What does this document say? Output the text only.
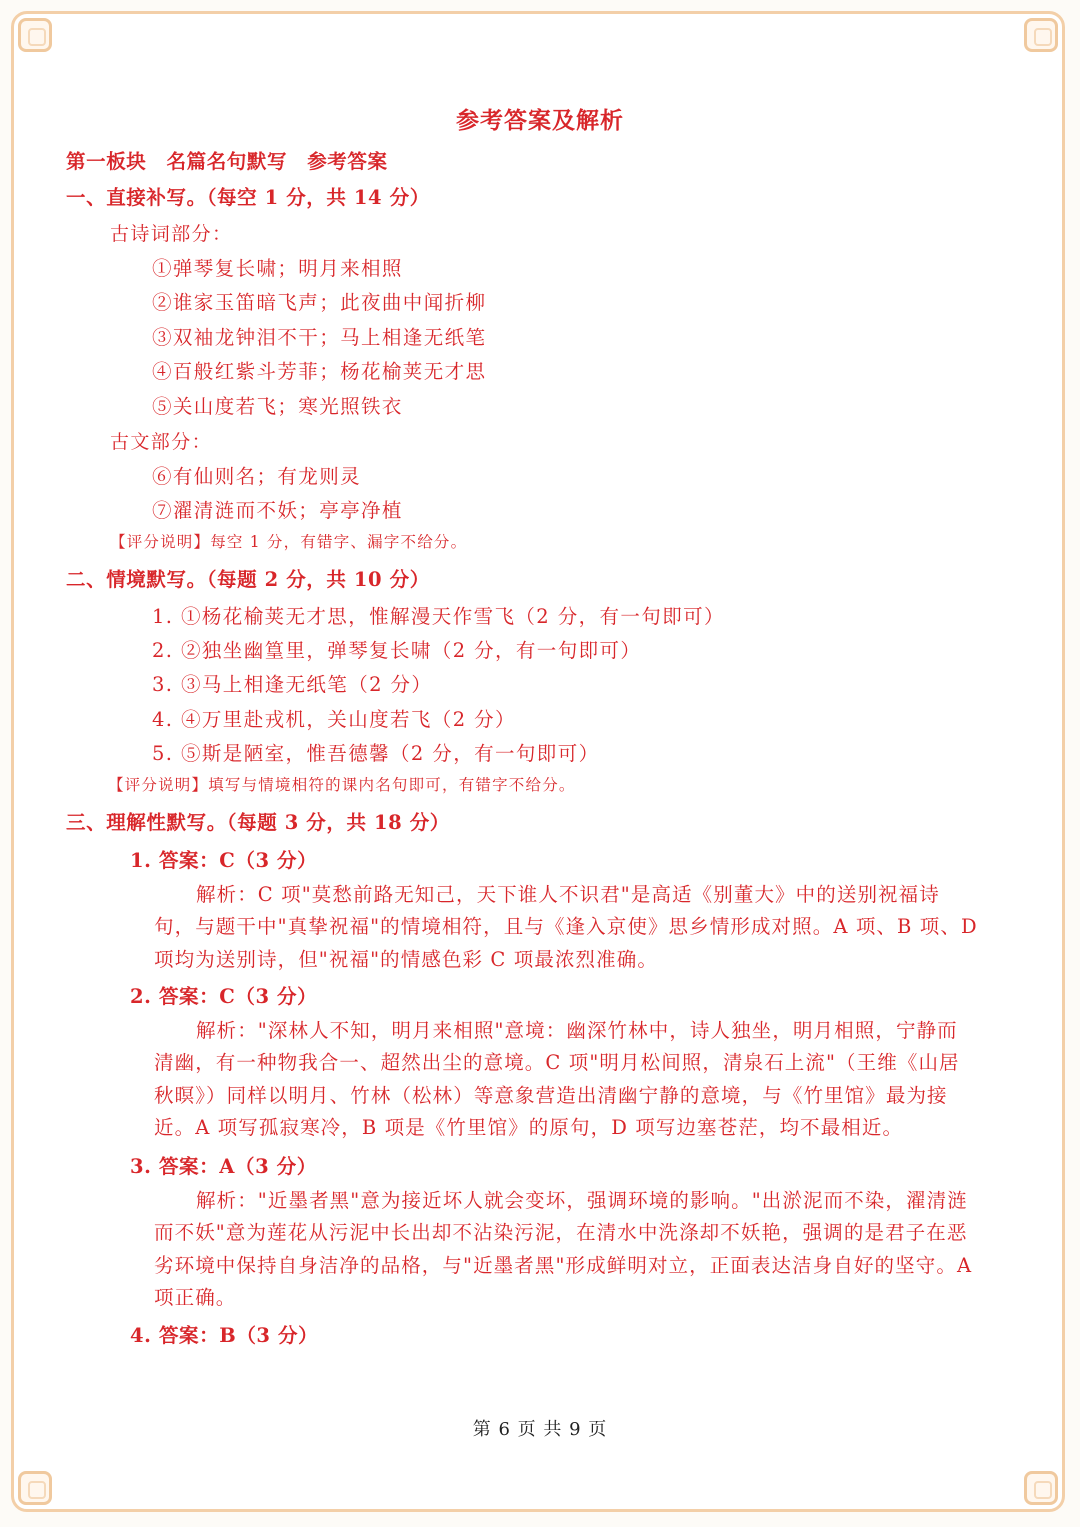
参考答案及解析
第一板块　名篇名句默写　参考答案
一、直接补写。（每空 1 分，共 14 分）
古诗词部分：
①弹琴复长啸；明月来相照
②谁家玉笛暗飞声；此夜曲中闻折柳
③双袖龙钟泪不干；马上相逢无纸笔
④百般红紫斗芳菲；杨花榆荚无才思
⑤关山度若飞；寒光照铁衣
古文部分：
⑥有仙则名；有龙则灵
⑦濯清涟而不妖；亭亭净植
【评分说明】每空 1 分，有错字、漏字不给分。
二、情境默写。（每题 2 分，共 10 分）
1. ①杨花榆荚无才思，惟解漫天作雪飞（2 分，有一句即可）
2. ②独坐幽篁里，弹琴复长啸（2 分，有一句即可）
3. ③马上相逢无纸笔（2 分）
4. ④万里赴戎机，关山度若飞（2 分）
5. ⑤斯是陋室，惟吾德馨（2 分，有一句即可）
【评分说明】填写与情境相符的课内名句即可，有错字不给分。
三、理解性默写。（每题 3 分，共 18 分）
1. 答案：C（3 分）
解析：C 项"莫愁前路无知己，天下谁人不识君"是高适《别董大》中的送别祝福诗
句，与题干中"真挚祝福"的情境相符，且与《逢入京使》思乡情形成对照。A 项、B 项、D
项均为送别诗，但"祝福"的情感色彩 C 项最浓烈准确。
2. 答案：C（3 分）
解析："深林人不知，明月来相照"意境：幽深竹林中，诗人独坐，明月相照，宁静而
清幽，有一种物我合一、超然出尘的意境。C 项"明月松间照，清泉石上流"（王维《山居
秋暝》）同样以明月、竹林（松林）等意象营造出清幽宁静的意境，与《竹里馆》最为接
近。A 项写孤寂寒冷，B 项是《竹里馆》的原句，D 项写边塞苍茫，均不最相近。
3. 答案：A（3 分）
解析："近墨者黑"意为接近坏人就会变坏，强调环境的影响。"出淤泥而不染，濯清涟
而不妖"意为莲花从污泥中长出却不沾染污泥，在清水中洗涤却不妖艳，强调的是君子在恶
劣环境中保持自身洁净的品格，与"近墨者黑"形成鲜明对立，正面表达洁身自好的坚守。A
项正确。
4. 答案：B（3 分）
第 6 页 共 9 页
